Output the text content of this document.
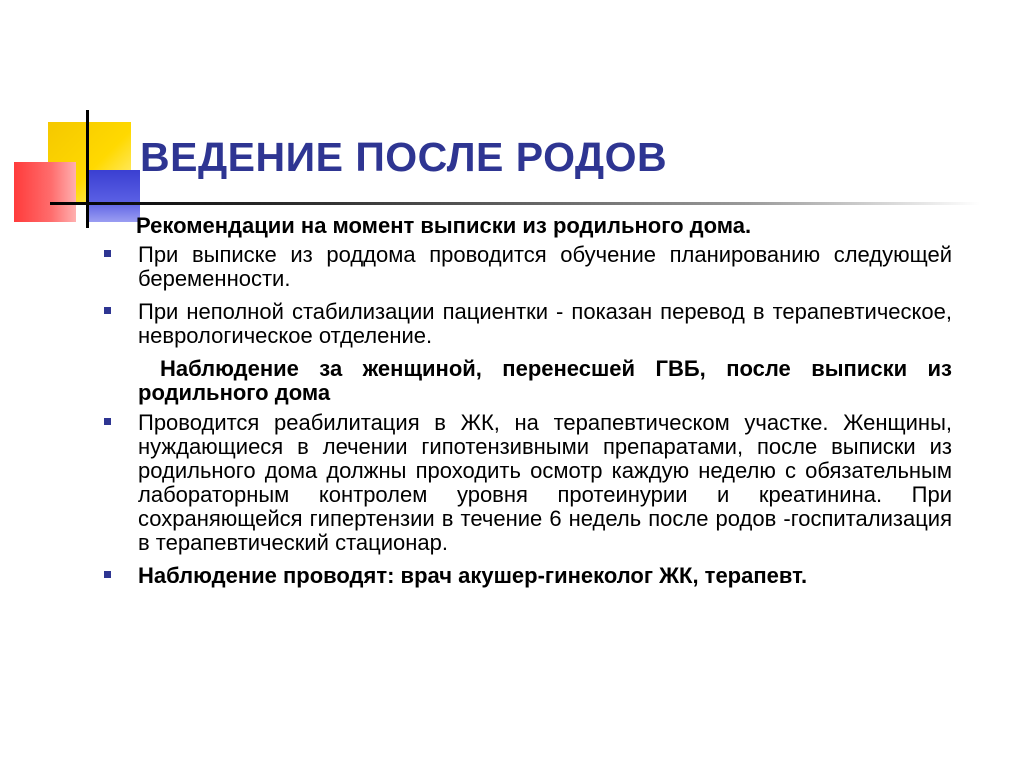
ВЕДЕНИЕ ПОСЛЕ РОДОВ
Рекомендации на момент выписки из родильного дома.
При выписке из роддома проводится обучение планированию следующей беременности.
При неполной стабилизации пациентки - показан перевод в терапевтическое, неврологическое отделение.
Наблюдение за женщиной, перенесшей ГВБ, после выписки из родильного дома
Проводится реабилитация в ЖК, на терапевтическом участке. Женщины, нуждающиеся в лечении гипотензивными препаратами, после выписки из родильного дома должны проходить осмотр каждую неделю с обязательным лабораторным контролем уровня протеинурии и креатинина. При сохраняющейся гипертензии в течение 6 недель после родов -госпитализация в терапевтический стационар.
Наблюдение проводят: врач акушер-гинеколог ЖК, терапевт.
